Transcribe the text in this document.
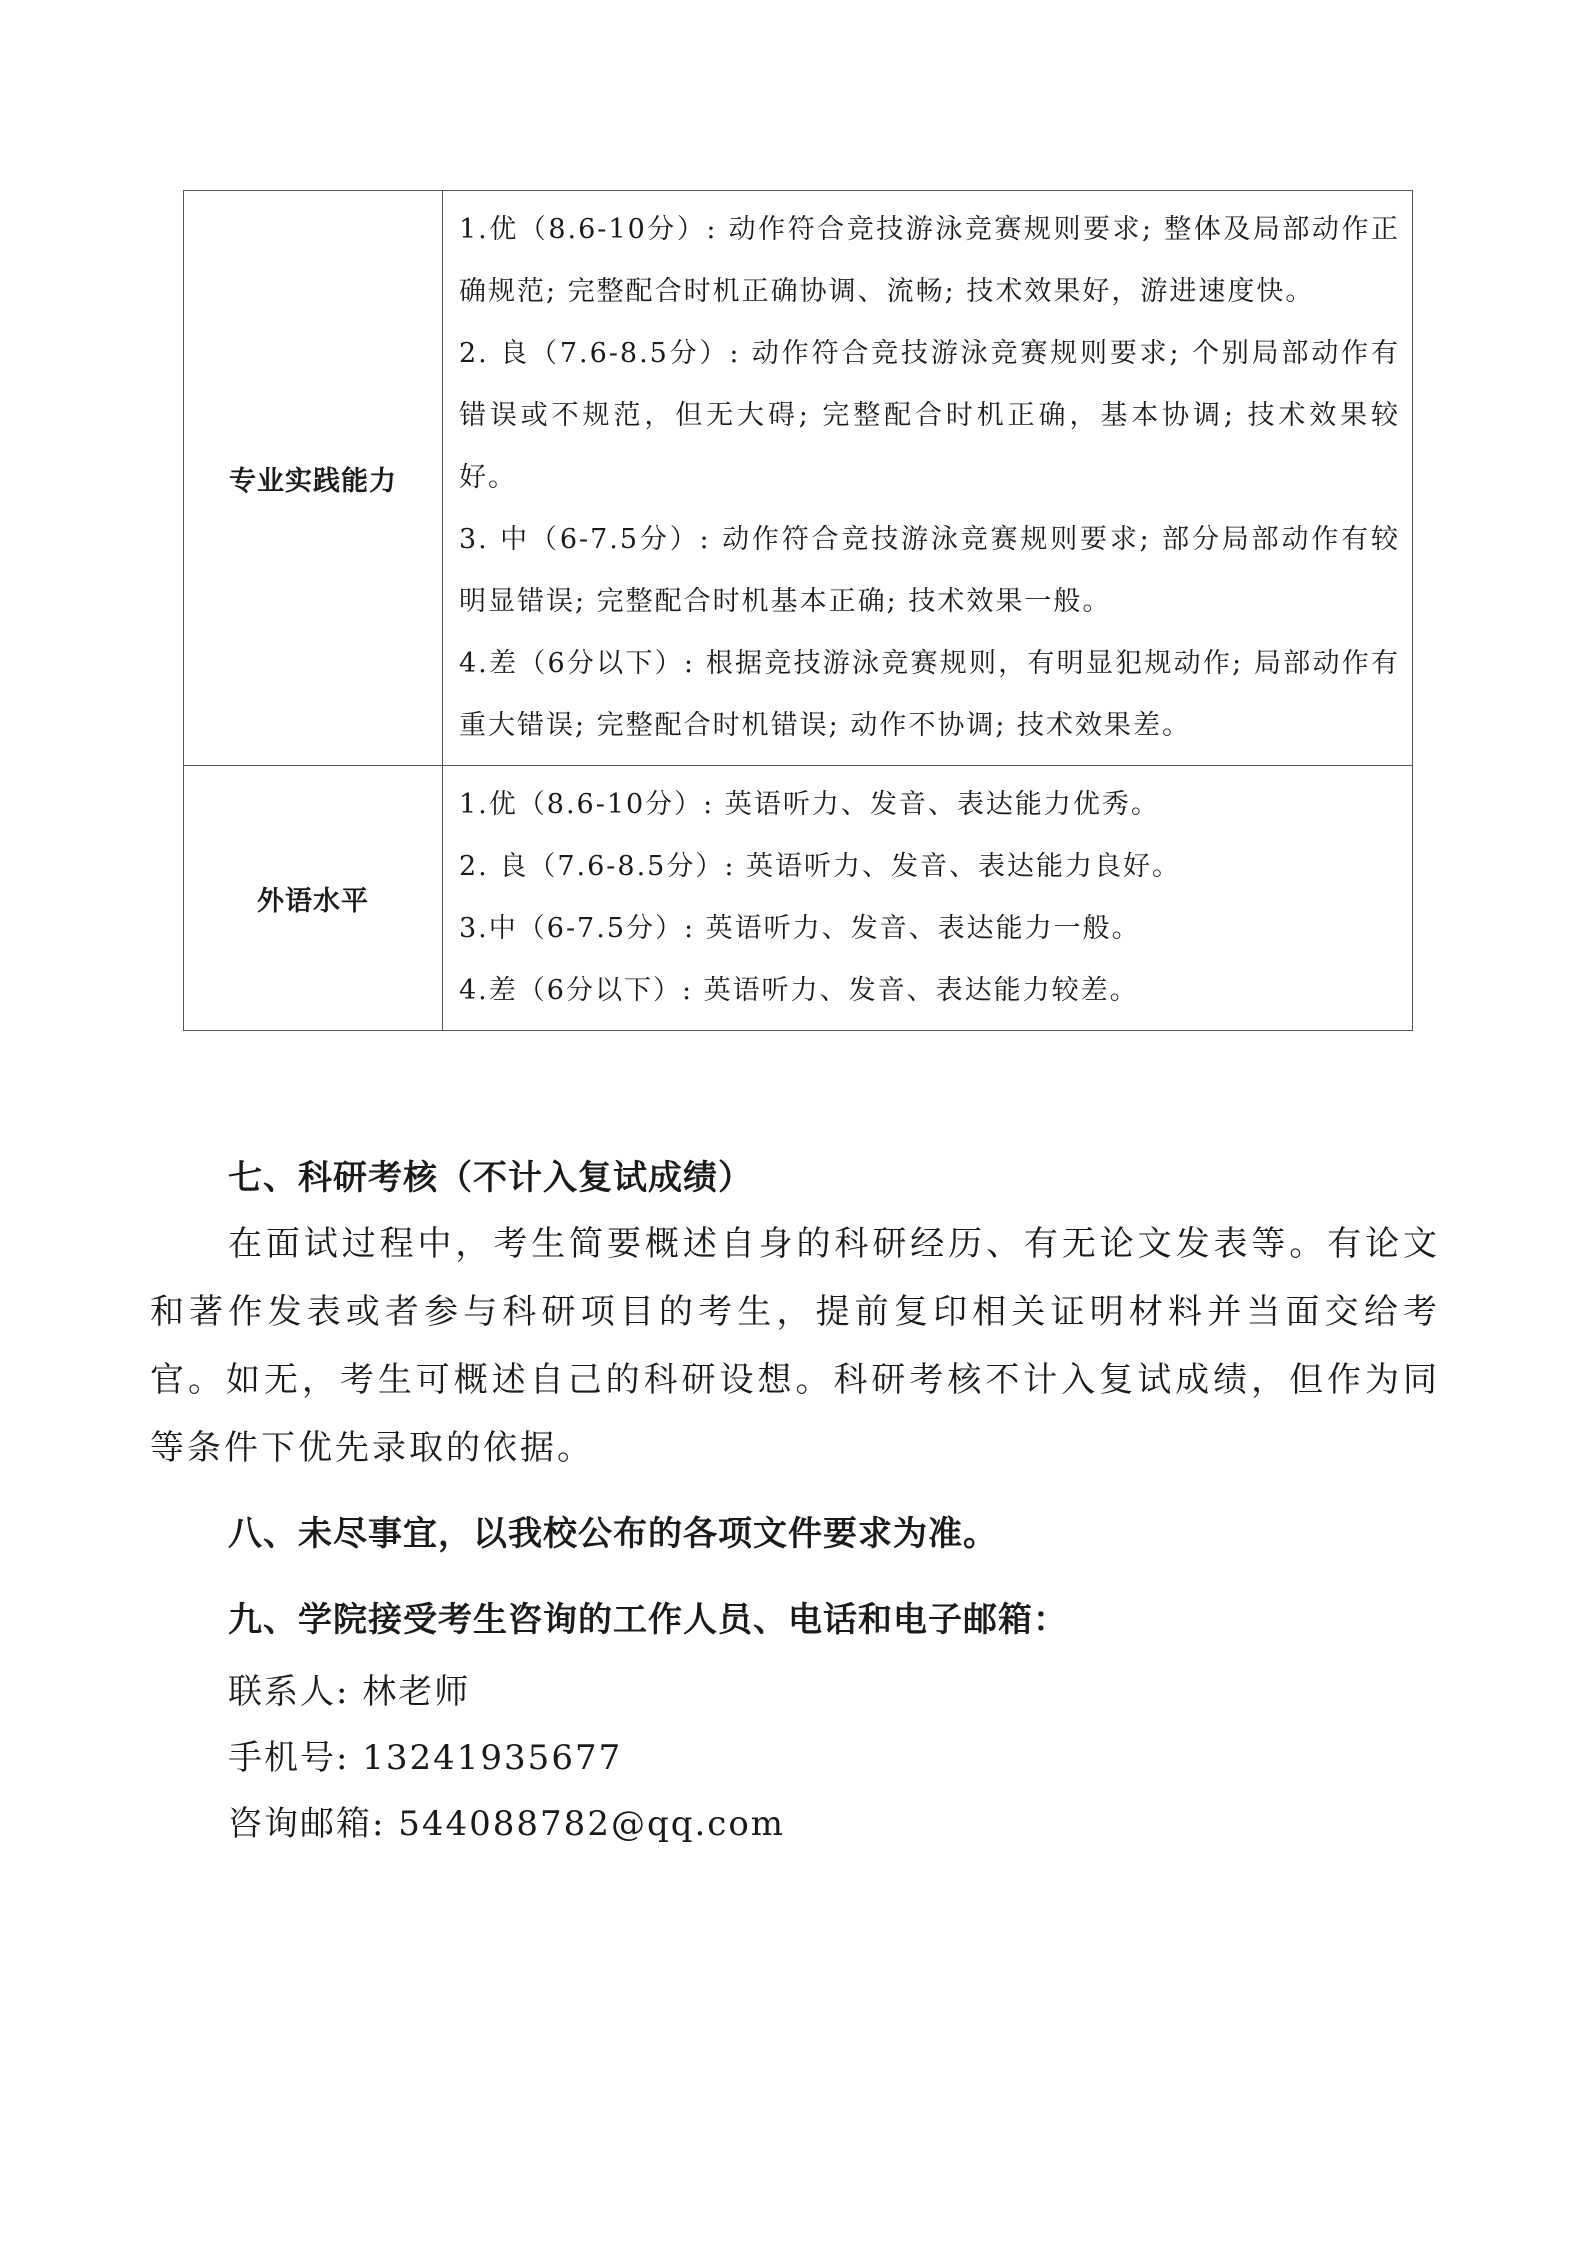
专业实践能力	1.优（8.6-10分）: 动作符合竞技游泳竞赛规则要求; 整体及局部动作正确规范; 完整配合时机正确协调、流畅; 技术效果好，游进速度快。

2. 良（7.6-8.5分）: 动作符合竞技游泳竞赛规则要求; 个别局部动作有错误或不规范，但无大碍; 完整配合时机正确，基本协调; 技术效果较好。

3. 中（6-7.5分）: 动作符合竞技游泳竞赛规则要求; 部分局部动作有较明显错误; 完整配合时机基本正确; 技术效果一般。

4.差（6分以下）: 根据竞技游泳竞赛规则，有明显犯规动作; 局部动作有重大错误; 完整配合时机错误; 动作不协调; 技术效果差。

外语水平	1.优（8.6-10分）: 英语听力、发音、表达能力优秀。

2. 良（7.6-8.5分）: 英语听力、发音、表达能力良好。

3.中（6-7.5分）: 英语听力、发音、表达能力一般。

4.差（6分以下）: 英语听力、发音、表达能力较差。

七、科研考核（不计入复试成绩）

在面试过程中，考生简要概述自身的科研经历、有无论文发表等。有论文和著作发表或者参与科研项目的考生，提前复印相关证明材料并当面交给考官。如无，考生可概述自己的科研设想。科研考核不计入复试成绩，但作为同等条件下优先录取的依据。

八、未尽事宜，以我校公布的各项文件要求为准。
九、学院接受考生咨询的工作人员、电话和电子邮箱：

联系人: 林老师

手机号: 13241935677

咨询邮箱: 544088782@qq.com
